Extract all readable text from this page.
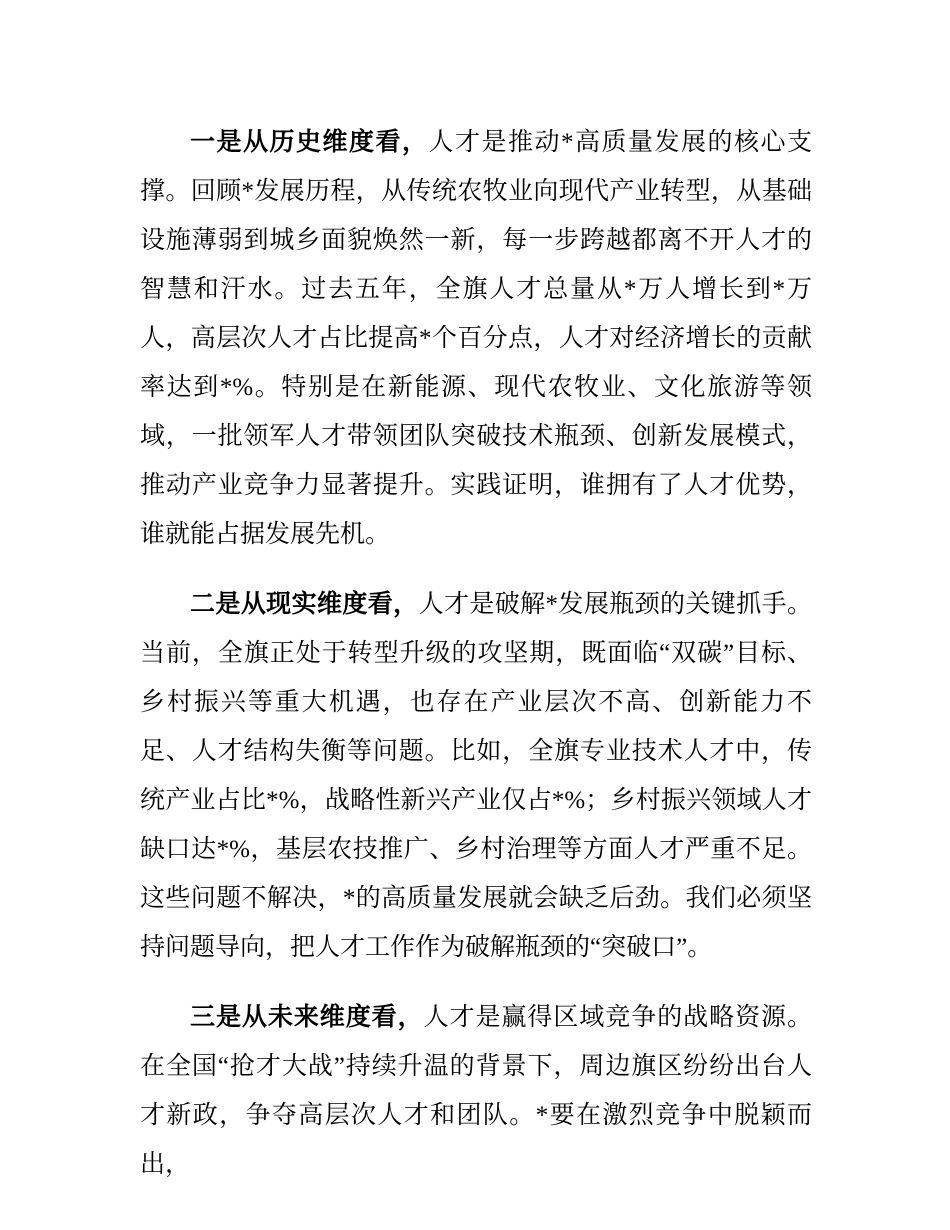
一是从历史维度看，人才是推动*高质量发展的核心支撑。回顾*发展历程，从传统农牧业向现代产业转型，从基础设施薄弱到城乡面貌焕然一新，每一步跨越都离不开人才的智慧和汗水。过去五年，全旗人才总量从*万人增长到*万人，高层次人才占比提高*个百分点，人才对经济增长的贡献率达到*%。特别是在新能源、现代农牧业、文化旅游等领域，一批领军人才带领团队突破技术瓶颈、创新发展模式，推动产业竞争力显著提升。实践证明，谁拥有了人才优势，谁就能占据发展先机。

二是从现实维度看，人才是破解*发展瓶颈的关键抓手。当前，全旗正处于转型升级的攻坚期，既面临“双碳”目标、乡村振兴等重大机遇，也存在产业层次不高、创新能力不足、人才结构失衡等问题。比如，全旗专业技术人才中，传统产业占比*%，战略性新兴产业仅占*%；乡村振兴领域人才缺口达*%，基层农技推广、乡村治理等方面人才严重不足。这些问题不解决，*的高质量发展就会缺乏后劲。我们必须坚持问题导向，把人才工作作为破解瓶颈的“突破口”。

三是从未来维度看，人才是赢得区域竞争的战略资源。在全国“抢才大战”持续升温的背景下，周边旗区纷纷出台人才新政，争夺高层次人才和团队。*要在激烈竞争中脱颖而出，
